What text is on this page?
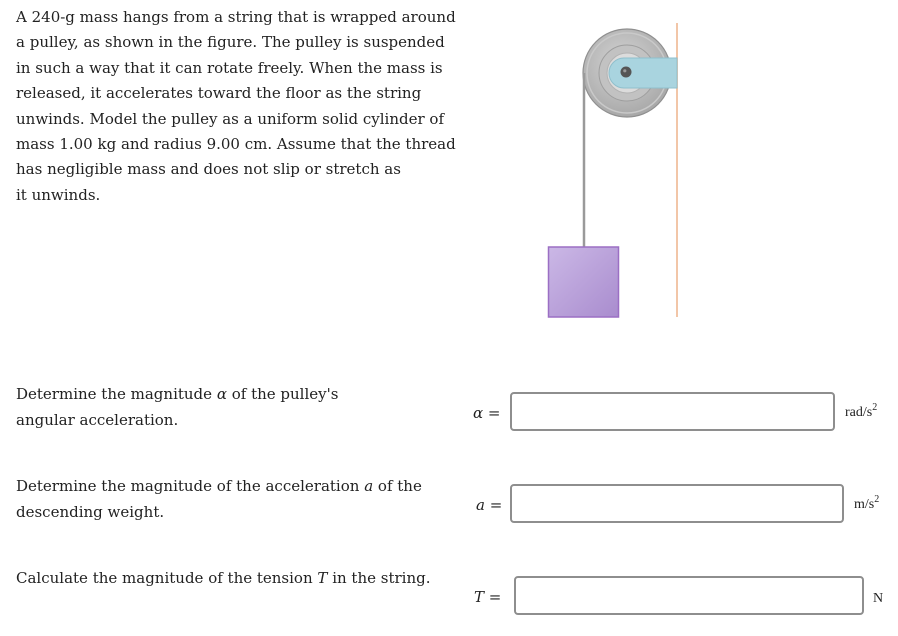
A 240-g mass hangs from a string that is wrapped around
a pulley, as shown in the figure. The pulley is suspended
in such a way that it can rotate freely. When the mass is
released, it accelerates toward the floor as the string
unwinds. Model the pulley as a uniform solid cylinder of
mass 1.00 kg and radius 9.00 cm. Assume that the thread
has negligible mass and does not slip or stretch as
it unwinds.
Determine the magnitude α of the pulley's
angular acceleration.	α =	rad/$s^2$
Determine the magnitude of the acceleration a of the
descending weight.	a =	$m/s^2$
Calculate the magnitude of the tension T in the string.
T =	N
